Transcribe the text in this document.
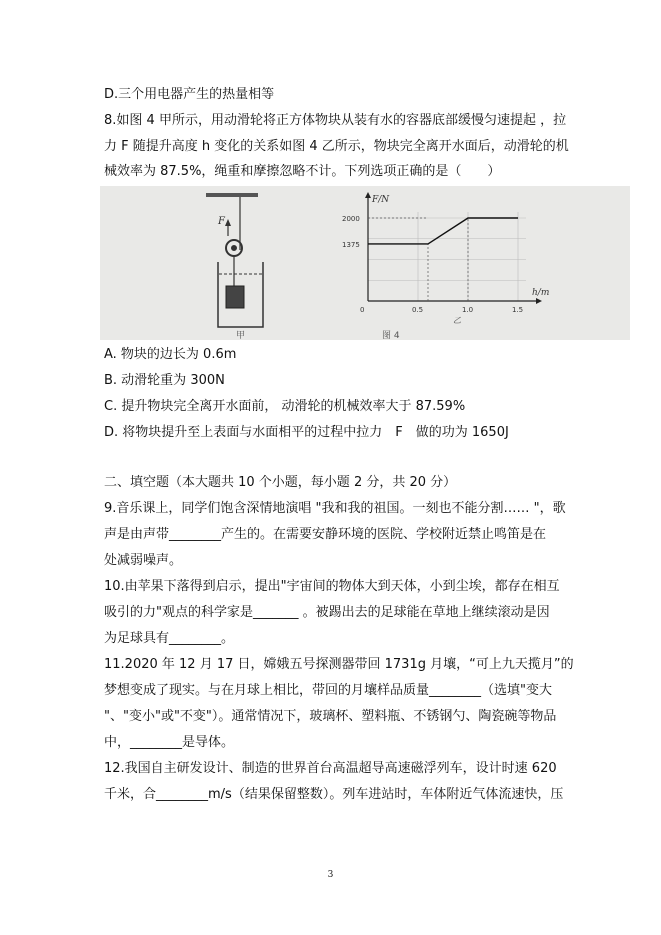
D.三个用电器产生的热量相等
8.如图 4 甲所示，用动滑轮将正方体物块从装有水的容器底部缓慢匀速提起 ，拉
力 F 随提升高度 h 变化的关系如图 4 乙所示，物块完全离开水面后，动滑轮的机
械效率为 87.5%，绳重和摩擦忽略不计。下列选项正确的是（　　）
F
甲
F/N
h/m
0	0.5	1.0	1.5
1375
2000
乙
图 4
A. 物块的边长为 0.6m
B. 动滑轮重为 300N
C. 提升物块完全离开水面前， 动滑轮的机械效率大于 87.59%
D. 将物块提升至上表面与水面相平的过程中拉力　F　做的功为 1650J
二、填空题（本大题共 10 个小题，每小题 2 分，共 20 分）
9.音乐课上，同学们饱含深情地演唱 "我和我的祖国。一刻也不能分割…… "，歌
声是由声带________产生的。在需要安静环境的医院、学校附近禁止鸣笛是在
处减弱噪声。
10.由苹果下落得到启示，提出"宇宙间的物体大到天体，小到尘埃，都存在相互
吸引的力"观点的科学家是_______ 。被踢出去的足球能在草地上继续滚动是因
为足球具有________。
11.2020 年 12 月 17 日，嫦娥五号探测器带回 1731g 月壤，“可上九天揽月”的
梦想变成了现实。与在月球上相比，带回的月壤样品质量________（选填"变大
"、"变小"或"不变"）。通常情况下，玻璃杯、塑料瓶、不锈钢勺、陶瓷碗等物品
中，________是导体。
12.我国自主研发设计、制造的世界首台高温超导高速磁浮列车，设计时速 620
千米，合________m/s（结果保留整数）。列车进站时，车体附近气体流速快，压
3
